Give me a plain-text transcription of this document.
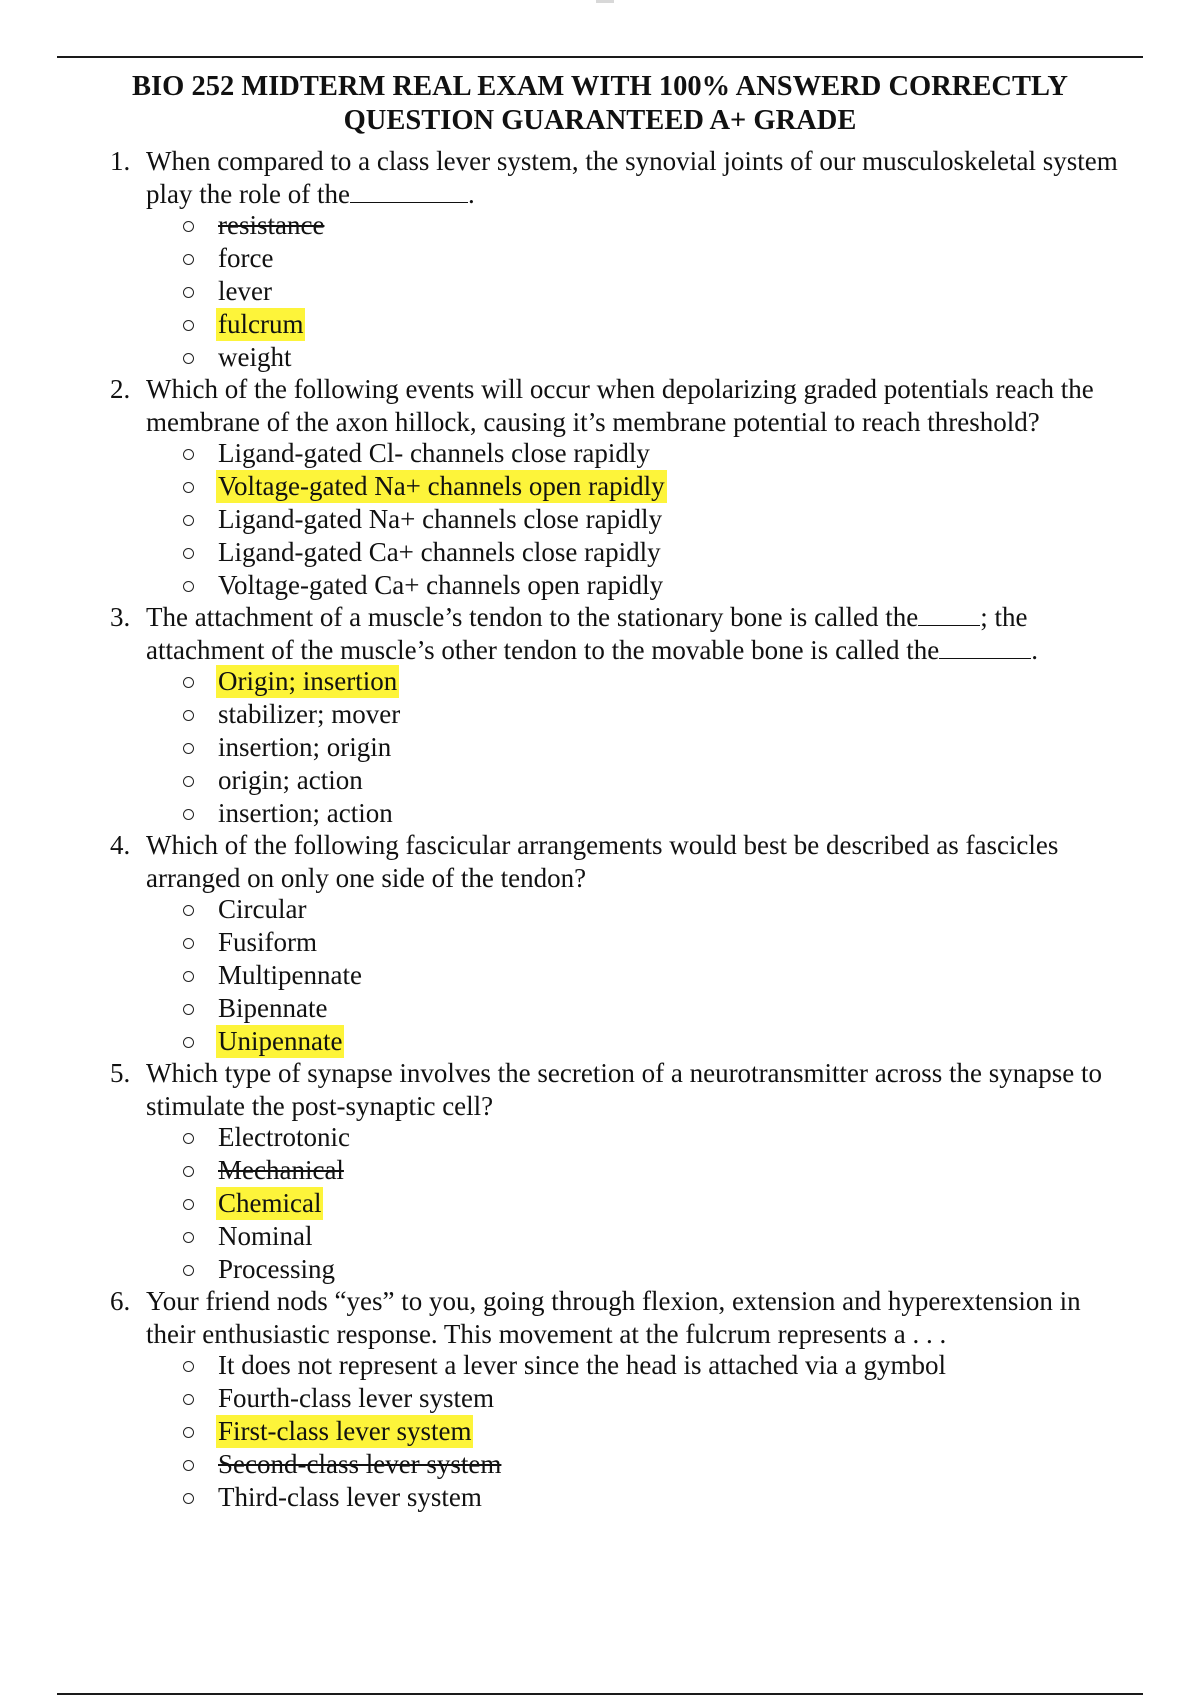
BIO 252 MIDTERM REAL EXAM WITH 100% ANSWERD CORRECTLY
QUESTION GUARANTEED A+ GRADE
1. When compared to a class lever system, the synovial joints of our musculoskeletal system
play the role of the	.
resistance
force
lever
fulcrum
weight
2. Which of the following events will occur when depolarizing graded potentials reach the
membrane of the axon hillock, causing it’s membrane potential to reach threshold?
Ligand-gated Cl- channels close rapidly
Voltage-gated Na+ channels open rapidly
Ligand-gated Na+ channels close rapidly
Ligand-gated Ca+ channels close rapidly
Voltage-gated Ca+ channels open rapidly
3. The attachment of a muscle’s tendon to the stationary bone is called the ; the
attachment of the muscle’s other tendon to the movable bone is called the	.
Origin; insertion
stabilizer; mover
insertion; origin
origin; action
insertion; action
4. Which of the following fascicular arrangements would best be described as fascicles
arranged on only one side of the tendon?
Circular
Fusiform
Multipennate
Bipennate
Unipennate
5. Which type of synapse involves the secretion of a neurotransmitter across the synapse to
stimulate the post-synaptic cell?
Electrotonic
Mechanical
Chemical
Nominal
Processing
6. Your friend nods “yes” to you, going through flexion, extension and hyperextension in
their enthusiastic response. This movement at the fulcrum represents a . . .
It does not represent a lever since the head is attached via a gymbol
Fourth-class lever system
First-class lever system
Second-class lever system
Third-class lever system
